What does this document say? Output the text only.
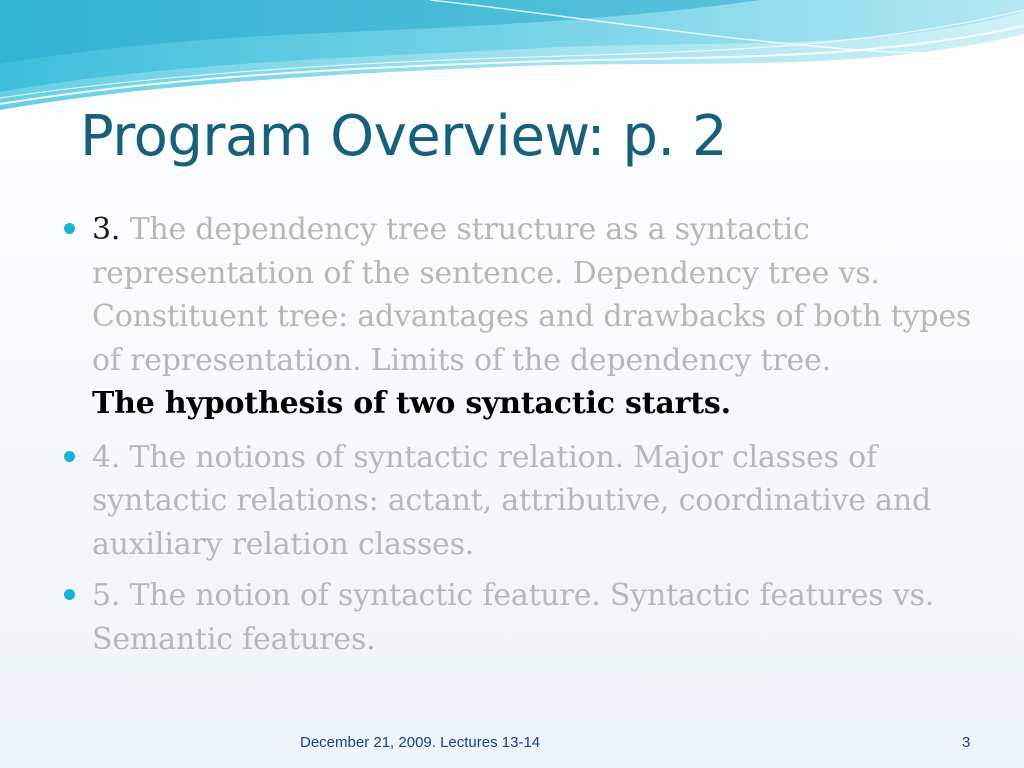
Program Overview: p. 2
3. The dependency tree structure as a syntactic representation of the sentence. Dependency tree vs. Constituent tree: advantages and drawbacks of both types of representation. Limits of the dependency tree.
The hypothesis of two syntactic starts.
4. The notions of syntactic relation. Major classes of syntactic relations: actant, attributive, coordinative and auxiliary relation classes.
5. The notion of syntactic feature. Syntactic features vs. Semantic features.
December 21, 2009. Lectures 13-14	3
